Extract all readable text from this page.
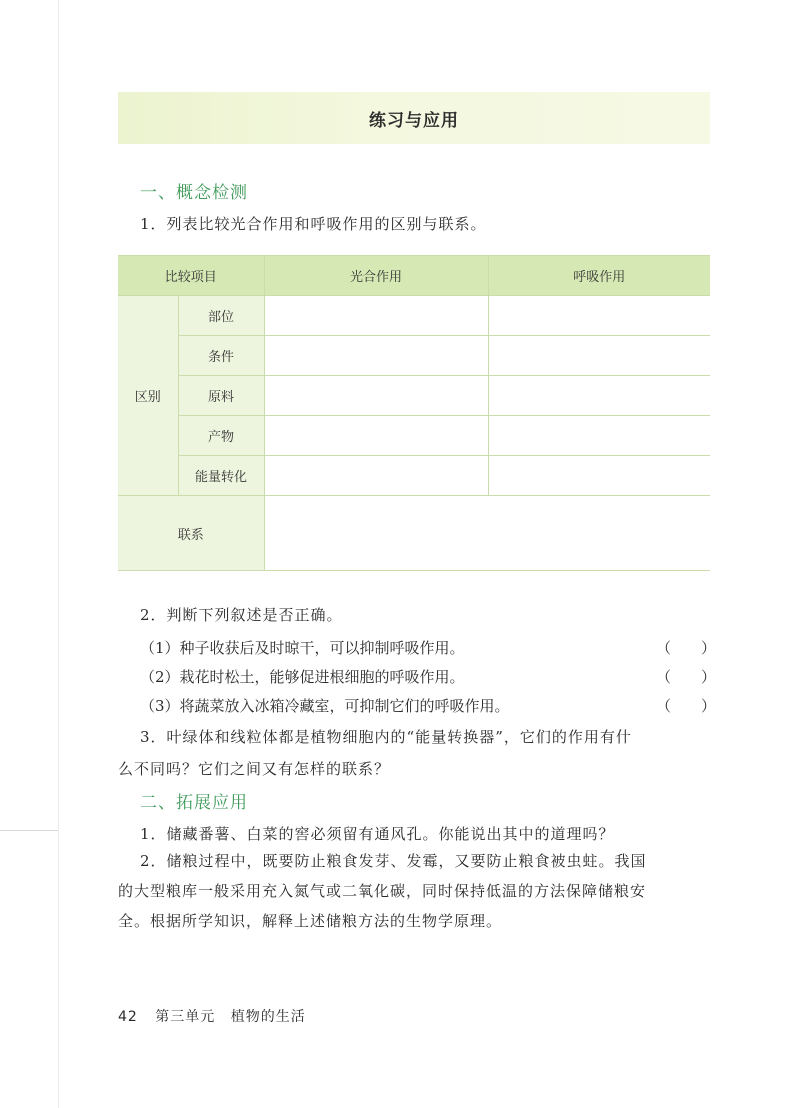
练习与应用
一、概念检测
1．列表比较光合作用和呼吸作用的区别与联系。
比较项目		光合作用	呼吸作用
区别	部位		
	条件		
	原料		
	产物		
	能量转化		
联系			
2．判断下列叙述是否正确。
（1）种子收获后及时晾干，可以抑制呼吸作用。	（　　）
（2）栽花时松土，能够促进根细胞的呼吸作用。	（　　）
（3）将蔬菜放入冰箱冷藏室，可抑制它们的呼吸作用。	（　　）
3．叶绿体和线粒体都是植物细胞内的“能量转换器”，它们的作用有什
么不同吗？它们之间又有怎样的联系？
二、拓展应用
1．储藏番薯、白菜的窖必须留有通风孔。你能说出其中的道理吗？
2．储粮过程中，既要防止粮食发芽、发霉，又要防止粮食被虫蛀。我国
的大型粮库一般采用充入氮气或二氧化碳，同时保持低温的方法保障储粮安
全。根据所学知识，解释上述储粮方法的生物学原理。
42 第三单元 植物的生活
